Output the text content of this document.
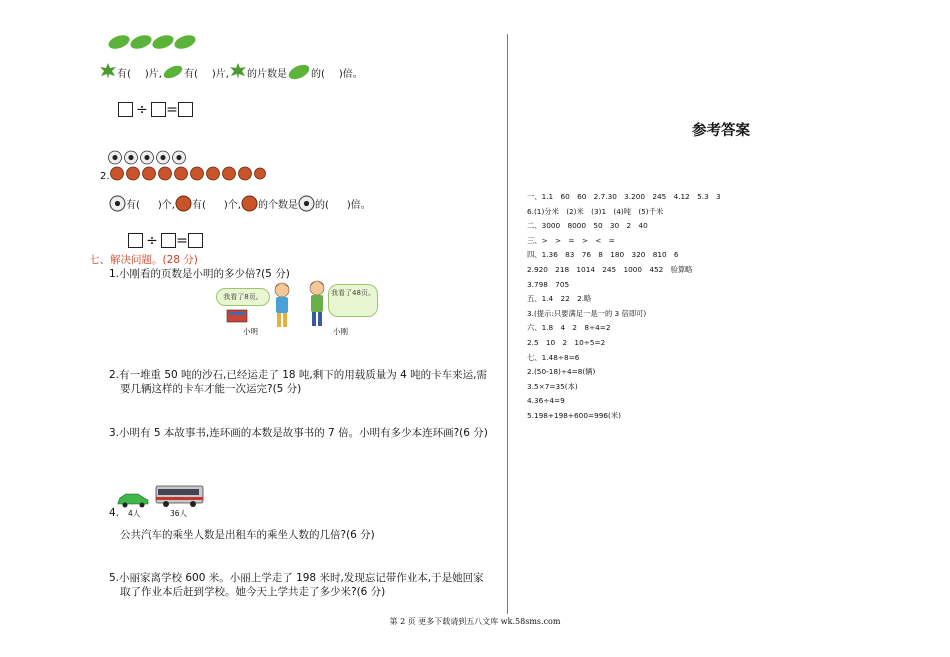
有( )片, 有( )片, 的片数是 的( )倍。
÷ =
2.
有( )个, 有( )个, 的个数是 的( )倍。
÷ =
七、解决问题。(28 分)
1.小刚看的页数是小明的多少倍?(5 分)
我看了8页。	我看了48页。
小明	小刚
2.有一堆重 50 吨的沙石,已经运走了 18 吨,剩下的用载质量为 4 吨的卡车来运,需
要几辆这样的卡车才能一次运完?(5 分)
3.小明有 5 本故事书,连环画的本数是故事书的 7 倍。小明有多少本连环画?(6 分)
4人	36人
4.
公共汽车的乘坐人数是出租车的乘坐人数的几倍?(6 分)
5.小丽家离学校 600 米。小丽上学走了 198 米时,发现忘记带作业本,于是她回家
取了作业本后赶到学校。她今天上学共走了多少米?(6 分)
参考答案
一、1.1　60　60　2.7.30　3.200　245　4.12　5.3　3
6.(1)分米　(2)米　(3)1　(4)吨　(5)千米
二、3000　8000　50　30　2　40
三、>　>　=　>　<　=
四、1.36　83　76　8　180　320　810　6
2.920　218　1014　245　1000　452　验算略
3.798　705
五、1.4　22　2.略
3.(提示:只要满足一是一的 3 倍即可)
六、1.8　4　2　8÷4=2
2.5　10　2　10÷5=2
七、1.48÷8=6
2.(50-18)÷4=8(辆)
3.5×7=35(本)
4.36÷4=9
5.198+198+600=996(米)
第 2 页 更多下载请到五八文库 wk.58sms.com
